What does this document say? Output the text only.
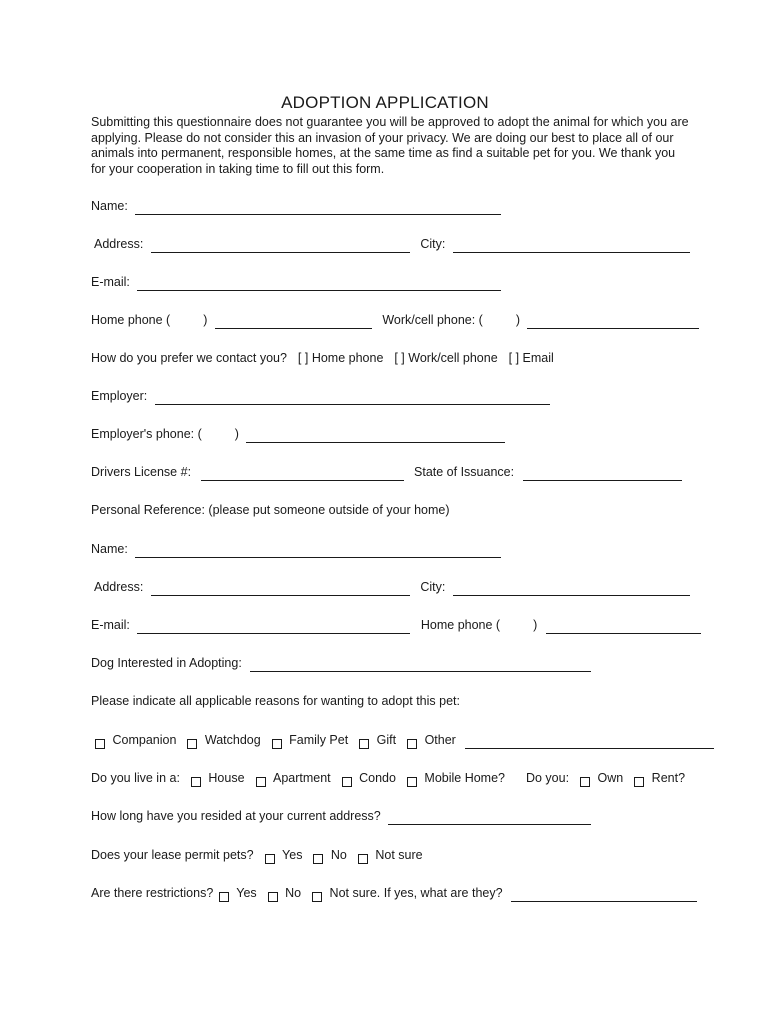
ADOPTION APPLICATION
Submitting this questionnaire does not guarantee you will be approved to adopt the animal for which you are applying. Please do not consider this an invasion of your privacy. We are doing our best to place all of our animals into permanent, responsible homes, at the same time as find a suitable pet for you. We thank you for your cooperation in taking time to fill out this form.
Name:
Address:	City:
E-mail:
Home phone (	)	Work/cell phone: (	)
How do you prefer we contact you? [ ] Home phone [ ] Work/cell phone [ ] Email
Employer:
Employer's phone: (	)
Drivers License #:	State of Issuance:
Personal Reference: (please put someone outside of your home)
Name:
Address:	City:
E-mail:	Home phone (	)
Dog Interested in Adopting:
Please indicate all applicable reasons for wanting to adopt this pet:
Companion Watchdog Family Pet Gift Other
Do you live in a: House Apartment Condo Mobile Home? Do you: Own Rent?
How long have you resided at your current address?
Does your lease permit pets? Yes No Not sure
Are there restrictions? Yes No Not sure. If yes, what are they?
